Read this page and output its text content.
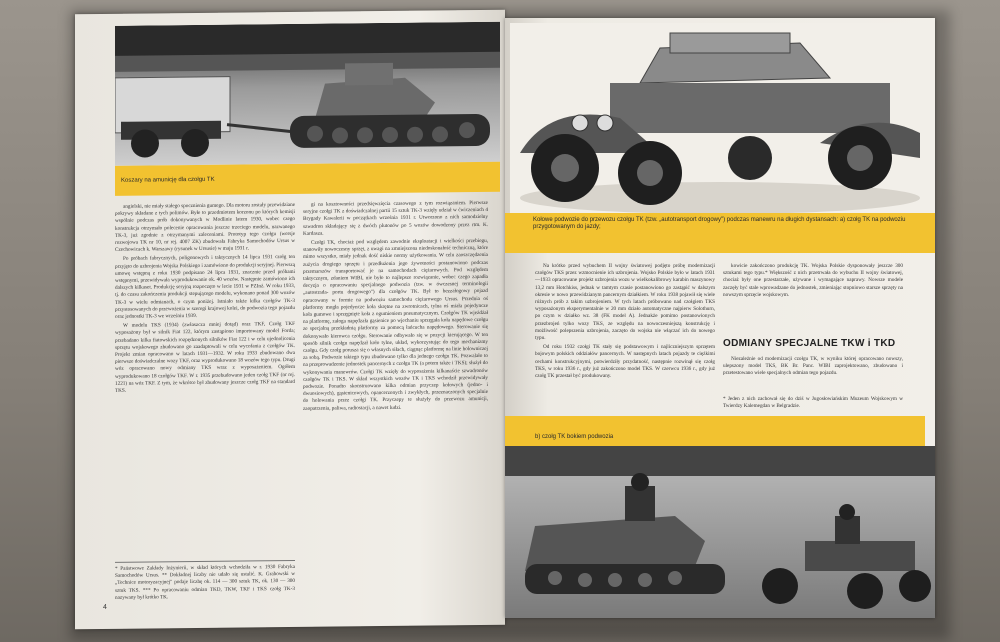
Koszary na amunicję dla czołgu TK

angielski, nie miały stałego spocznienia gumego. Dla motoru zostały przewidziane pokrywy składane z tych polimów. Byłe to przedmiotem korzonu po których kemisji wspólnie podczas prób dokonywanych w Modlinie latem 1930, wobec czego konstrukcja otrzymało polecenie opracowania jeszcze trzeciego modelu, nazwanego TK-3, już zgodnie z otrzymanymi zaleceniami. Prototyp tego czołgu (wersje rozwojowa TK nr 10, nr rej. 4007 ZK) zbudowała Fabryka Samochodów Ursus w Czechowicach k. Warszawy (rysunek w Ursusie) w maju 1931 r.

Po próbach fabrycznych, poligonowych i taktycznych 14 lipca 1931 czołg ten przyjęto do uzbrojenia Wojska Polskiego i zamówiono do produkcji seryjnej. Pierwszą umowę wstępną z roku 1930 podpisano 24 lipca 1931, znacznie przed próbami wstępnymi, przewidywała wyprodukowanie ok. 40 wozów. Następnie zamówiono ich dalszych kilkaset. Produkcję seryjną rozpoczęto w lecie 1931 w PZInż. W roku 1933, tj. do czasu zakończenia produkcji stepującego modelu, wykonano ponad 300 wozów TK-3 w wielu odmianach, o czym poniżej. Istniało także kilka czołgów TK-3 przystosowanych do przewożenia w szeregi krajowej kolei, do podwozia tego pojazdu oraz jednostki TK-3 we wrześniu 1939.

W modelu TKS (1934) (zwłaszcza mniej dotąd) oraz TKF, Czołg TKF wyposażony był w silnik Fiat 122, którym zastąpiono importowany model Forda; przebadano kilka fiatowskich rozpędzonych silników Fiat 122 i w celu ujednolicenia sprzętu wojskowego zbudowano go zaadaptowali w celu wycofania z czołgów TK. Projekt zmian opracowano w latach 1931—1932. W roku 1933 zbudowano dwa pierwsze doświadczalne wozy TKF, oraz wyprodukowano 18 wozów tego typu. Drugi wóz opracowano nowy odmiany TKS wraz z wyposażeniem. Ogółem wyprodukowano 18 czołgów TKF. W r. 1935 przebudowano jeden czołg TKF (nr rej. 1221) na wóz TKF. Z tym, że wkrótce był zbudowany jeszcze czołg TKF na standard TKS.

* Państwowe Zakłady Inżynierii, w skład których wchodziła w r. 1930 Fabryka Samochodów Ursus. ** Dokładnej liczby nie udało się ustalić. K. Grabowski w „Technice motoryzacyjnej" podaje liczbę ok. 114 — 300 sztuk TK, ok. 130 — 300 sztuk TKS. *** Po opracowaniu odmian TKD, TKW, TKF i TKS czołg TK-3 nazywany był krótko TK.

gi na kosztowności przedsięwzięcia czasowego z tym rozwiązaniem. Pierwsze seryjne czołgi TK z doświadczalnej partii 15 sztuk TK-3 wzięły udział w ćwiczeniach 4 Brygady Kawalerii w początkach września 1931 r. Utworzono z nich samodzielny szwadron składający się z dwóch plutonów po 5 wozów dowodzony przez rtm. K. Kardasza.

Czołgi TK, chociaż pod względem zawodnie eksploatacji i wielkości przebiegu, stanowiły nowoczesny sprzęt, z uwagi na zmniejszona niedoskonałość techniczną, które mimo wszystko, miały jednak dość niskie normy użytkowania. W celu zaoszczędzenia zużycia drogiego sprzętu i przedłużenia jego żywotności postanowiono podczas przemarszów transportować je na samochodach ciężarowych. Pod względem taktycznym, zdaniem WIBI, nie było to najlepsze rozwiązanie, wobec czego zapadła decyzja o opracowaniu specjalnego podwozia (tzw. w ówczesnej terminologii „autostrada- portu drogowego") dla czołgów TK. Był to bezzałogowy pojazd opracowany w formie na podwoziu samochodu ciężarowego Ursus. Przednia oś platformy mogła pojedyncze koła skrętne na zwrotnicach, tylna oś miała pojedyncze koła gumowe i sprzęgnięte koła z ogumieniem pneumatycznym. Czołgów TK wjeżdżał na platformę, załoga napędzała gąsienice po wjechaniu sprzęgała koła napędowe czołgu ze specjalną przekładnią platformy za pomocą łańcucha napędowego. Sterowanie się dokonywało kierowca czołgu. Sterowanie odbywało się w pozycji kierującego. W ten sposób silnik czołgu napędzał koło tylne, układ, wykorzystując do tego mechanizmy czołgu. Gdy czołg porusza się o własnych siłach, ciągnąc platformę na linie holowniczej za sobą. Podwozie takiego typu zbudowano tylko dla jednego czołgu TK. Pozwalało to na przeprowadzenie jednostek pancernych z czołgu TK (a potem także i TKS); służył do wykonywania manewrów. Czołgi TK wzięły do wyposażenia kilkanaście szwadronów czołgów TK i TKS. W skład wszystkich wozów TK i TKS wchodził przewidywały podwozie. Ponadto skonstruowano kilka odmian przyczep kołowych (jedno- i dwuosiowych), gąsienicowych, opancerzonych i zwykłych, przeznaczonych specjalnie do holowania przez czołgi TK. Przyczepy te służyły do przewozu amunicji, zaopatrzenia, paliwa, radiostacji, a nawet ludzi.

4
Kołowe podwozie do przewozu czołgu TK (tzw. „autotransport drogowy") podczas manewru na długich dystansach: a) czołg TK na podwoziu przygotowanym do jazdy;

Na krótko przed wybuchem II wojny światowej podjęto próbę modernizacji czołgów TKS przez wzmocnienie ich uzbrojenia. Wojsko Polskie było w latach 1931—1933 opracowane projekt uzbrojenia wozu w wielkokalibrowy karabin maszynowy 13,2 mm Hotchkiss, jednak w tamtym czasie postanowiono go zastąpić w dalszym okresie w nowo przewidzianym pancernym działkiem. W roku 1938 pojawił się wiele różnych prób z takim uzbrojeniem. W tych latach próbowano nad czołgiem TKS wyposażonym eksperymentalnie w 20 mm działo automatyczne najpierw Solothurn, po czym w działko wz. 38 (FK model A). Jednakże pomimo postanowionych przezbrojeń tylko wozy TKS, ze względu na nowoczesniejszą konstrukcję i możliwość polepszenia uzbrojenia, zaczęto do wojska nie włączać ich do nowego typu.

Od roku 1932 czołgi TK stały się podstawowym i najliczniejszym sprzętem bojowym polskich oddziałów pancernych. W następnych latach pojazdy te ciężkimi cechami konstrukcyjnymi, potwierdziły przydatność, następnie rozwinął się czołg TKS, w roku 1936 r., gdy już zakończono model TKS. W czerwcu 1936 r., gdy już czołg TK przestał być produkowany.

kowicie zakończono produkcję TK. Wojska Polskie dysponowały jeszcze 300 sztukami tego typu.* Większość z nich przetrwała do wybuchu II wojny światowej, chociaż były one przestarzałe, używane i wymagające naprawy. Nowsze modele zaczęły być stale wprowadzane do jednostek, zmieniając stopniowo starsze sprzęty na nowszym sprzęcie wojskowym.

ODMIANY SPECJALNE TKW i TKD

Niezależnie od modernizacji czołgu TK, w wyniku której opracowano nowszy, ulepszony model TKS, BK Br. Panc. WIBI zaprojektowano, zbudowano i przetestowano wiele specjalnych odmian tego pojazdu.

* Jeden z nich zachował się do dziś w Jugosłowiańskim Muzeum Wojskowym w Twierdzy Kalemegdan w Belgradzie.
b) czołg TK bokiem podwozia
